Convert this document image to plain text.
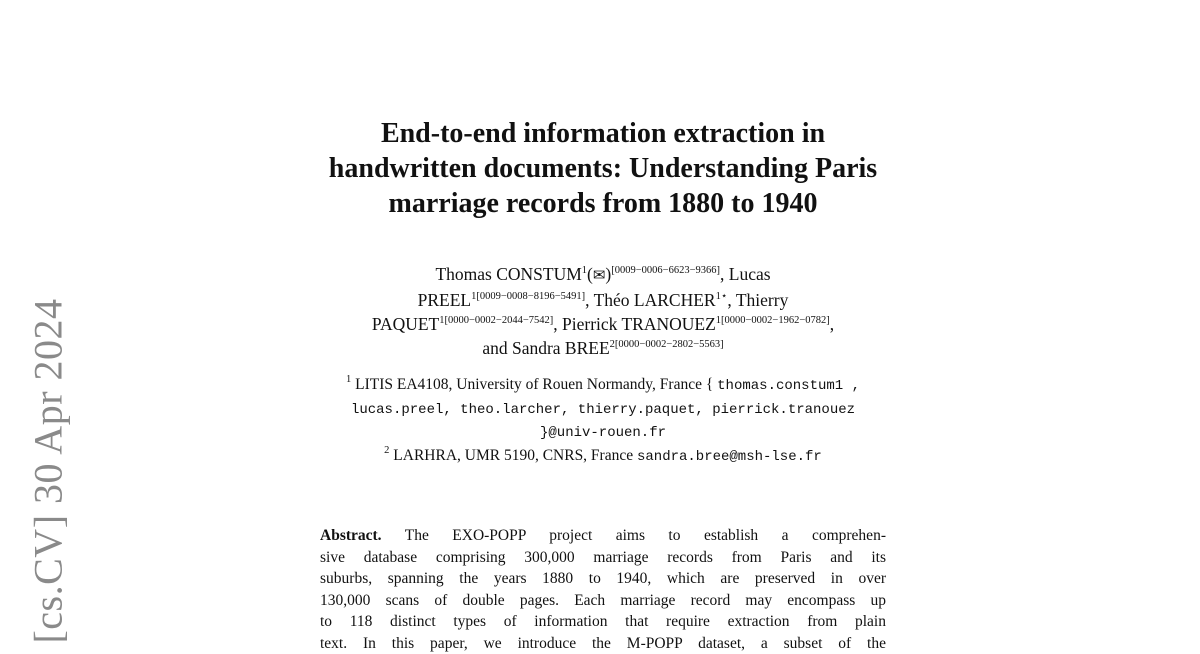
[cs.CV] 30 Apr 2024
End-to-end information extraction in
handwritten documents: Understanding Paris
marriage records from 1880 to 1940
Thomas CONSTUM$^1$(✉)[0009−0006−6623−9366], Lucas
$PREEL^{1[0009-0008-8196-5491]}$, Théo $LARCHER^{1⋆}$, Thierry
$PAQUET^{1[0000-0002-2044-7542]}$, Pierrick $TRANOUEZ^{1[0000-0002-1962-0782]}$,
and Sandra $BREE^{2[0000-0002-2802-5563]}$
$^1$ LITIS EA4108, University of Rouen Normandy, France { thomas.constum1 ,
lucas.preel, theo.larcher, thierry.paquet, pierrick.tranouez
}@univ-rouen.fr
$^2$ LARHRA, UMR 5190, CNRS, France sandra.bree@msh-lse.fr
Abstract. The EXO-POPP project aims to establish a comprehen-
sive database comprising 300,000 marriage records from Paris and its
suburbs, spanning the years 1880 to 1940, which are preserved in over
130,000 scans of double pages. Each marriage record may encompass up
to 118 distinct types of information that require extraction from plain
text. In this paper, we introduce the M-POPP dataset, a subset of the
